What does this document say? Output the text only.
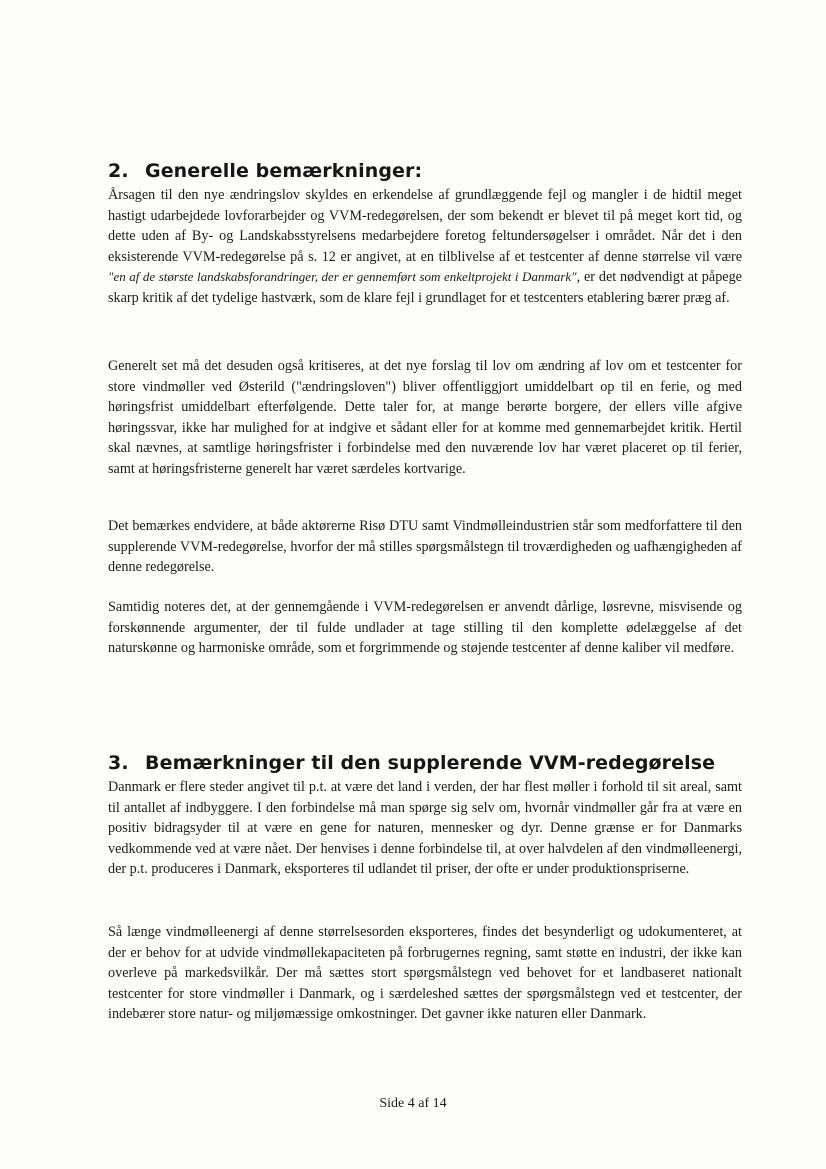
2. Generelle bemærkninger:
Årsagen til den nye ændringslov skyldes en erkendelse af grundlæggende fejl og mangler i de hidtil meget hastigt udarbejdede lovforarbejder og VVM-redegørelsen, der som bekendt er blevet til på meget kort tid, og dette uden af By- og Landskabsstyrelsens medarbejdere foretog feltundersøgelser i området. Når det i den eksisterende VVM-redegørelse på s. 12 er angivet, at en tilblivelse af et testcenter af denne størrelse vil være "en af de største landskabsforandringer, der er gennemført som enkeltprojekt i Danmark", er det nødvendigt at påpege skarp kritik af det tydelige hastværk, som de klare fejl i grundlaget for et testcenters etablering bærer præg af.
Generelt set må det desuden også kritiseres, at det nye forslag til lov om ændring af lov om et testcenter for store vindmøller ved Østerild ("ændringsloven") bliver offentliggjort umiddelbart op til en ferie, og med høringsfrist umiddelbart efterfølgende. Dette taler for, at mange berørte borgere, der ellers ville afgive høringssvar, ikke har mulighed for at indgive et sådant eller for at komme med gennemarbejdet kritik. Hertil skal nævnes, at samtlige høringsfrister i forbindelse med den nuværende lov har været placeret op til ferier, samt at høringsfristerne generelt har været særdeles kortvarige.
Det bemærkes endvidere, at både aktørerne Risø DTU samt Vindmølleindustrien står som medforfattere til den supplerende VVM-redegørelse, hvorfor der må stilles spørgsmålstegn til troværdigheden og uafhængigheden af denne redegørelse.
Samtidig noteres det, at der gennemgående i VVM-redegørelsen er anvendt dårlige, løsrevne, misvisende og forskønnende argumenter, der til fulde undlader at tage stilling til den komplette ødelæggelse af det naturskønne og harmoniske område, som et forgrimmende og støjende testcenter af denne kaliber vil medføre.
3. Bemærkninger til den supplerende VVM-redegørelse
Danmark er flere steder angivet til p.t. at være det land i verden, der har flest møller i forhold til sit areal, samt til antallet af indbyggere. I den forbindelse må man spørge sig selv om, hvornår vindmøller går fra at være en positiv bidragsyder til at være en gene for naturen, mennesker og dyr. Denne grænse er for Danmarks vedkommende ved at være nået. Der henvises i denne forbindelse til, at over halvdelen af den vindmølleenergi, der p.t. produceres i Danmark, eksporteres til udlandet til priser, der ofte er under produktionspriserne.
Så længe vindmølleenergi af denne størrelsesorden eksporteres, findes det besynderligt og udokumenteret, at der er behov for at udvide vindmøllekapaciteten på forbrugernes regning, samt støtte en industri, der ikke kan overleve på markedsvilkår. Der må sættes stort spørgsmålstegn ved behovet for et landbaseret nationalt testcenter for store vindmøller i Danmark, og i særdeleshed sættes der spørgsmålstegn ved et testcenter, der indebærer store natur- og miljømæssige omkostninger. Det gavner ikke naturen eller Danmark.
Side 4 af 14
